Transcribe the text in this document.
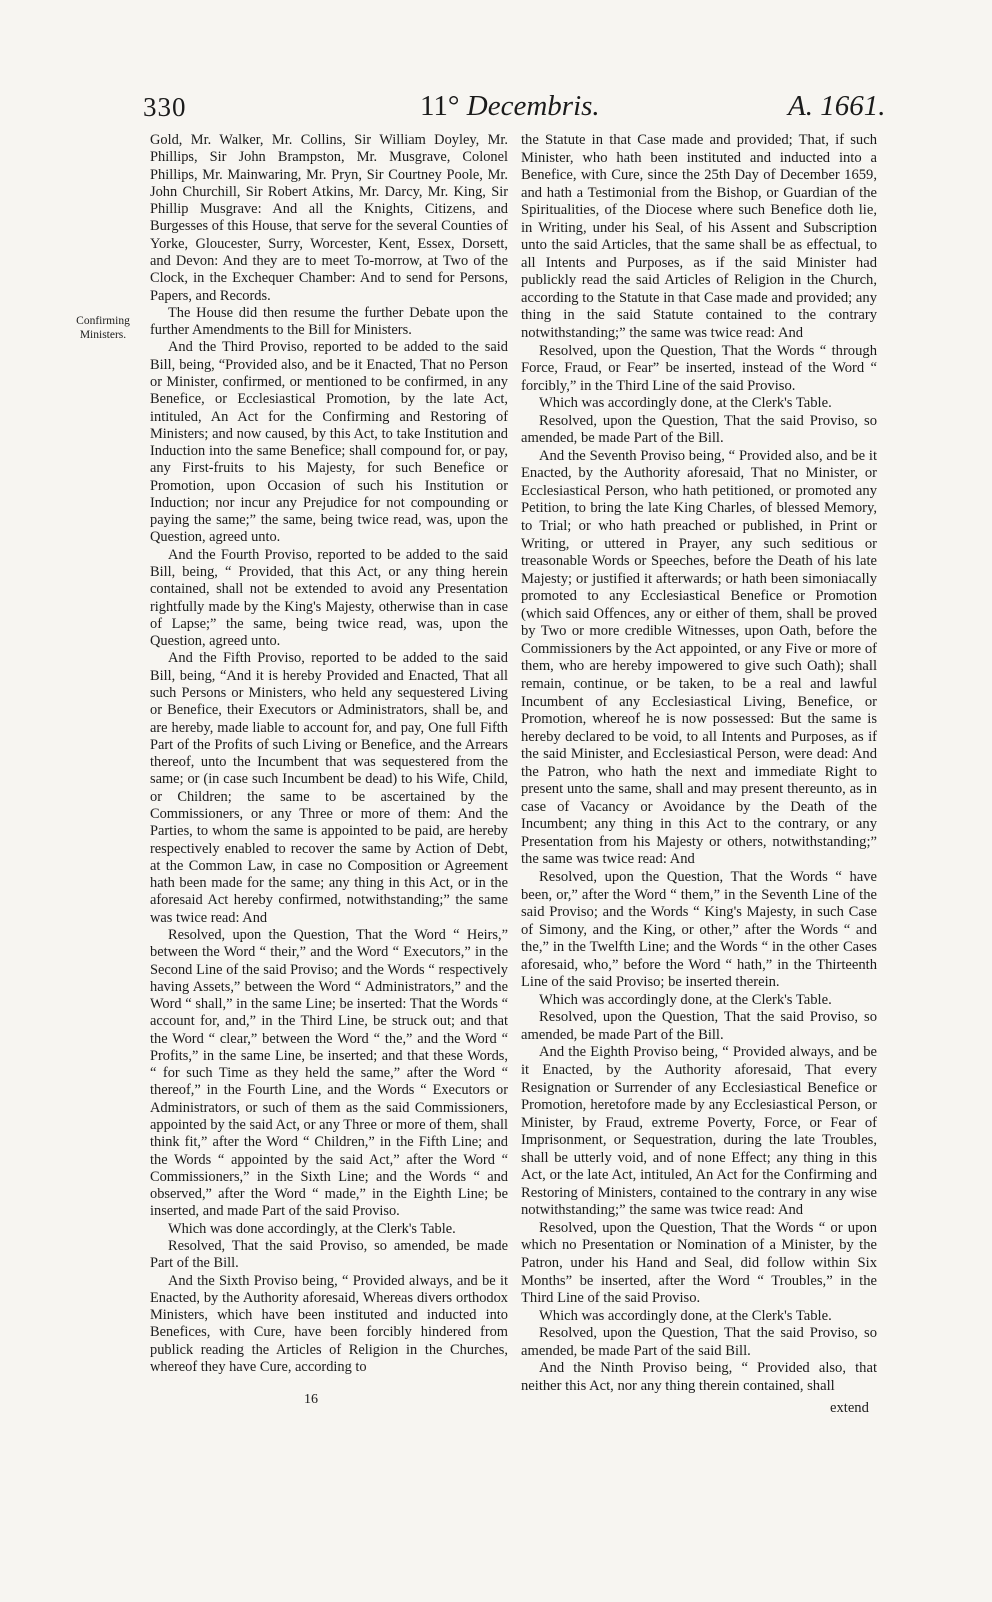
330	11° Decembris.	A. 1661.
Confirming Ministers.

Gold, Mr. Walker, Mr. Collins, Sir William Doyley, Mr. Phillips, Sir John Brampston, Mr. Musgrave, Colonel Phillips, Mr. Mainwaring, Mr. Pryn, Sir Courtney Poole, Mr. John Churchill, Sir Robert Atkins, Mr. Darcy, Mr. King, Sir Phillip Musgrave: And all the Knights, Citizens, and Burgesses of this House, that serve for the several Counties of Yorke, Gloucester, Surry, Worcester, Kent, Essex, Dorsett, and Devon: And they are to meet To-morrow, at Two of the Clock, in the Exchequer Chamber: And to send for Persons, Papers, and Records.

The House did then resume the further Debate upon the further Amendments to the Bill for Ministers.

And the Third Proviso, reported to be added to the said Bill, being, “Provided also, and be it Enacted, That no Person or Minister, confirmed, or mentioned to be confirmed, in any Benefice, or Ecclesiastical Promotion, by the late Act, intituled, An Act for the Confirming and Restoring of Ministers; and now caused, by this Act, to take Institution and Induction into the same Benefice; shall compound for, or pay, any First-fruits to his Majesty, for such Benefice or Promotion, upon Occasion of such his Institution or Induction; nor incur any Prejudice for not compounding or paying the same;” the same, being twice read, was, upon the Question, agreed unto.

And the Fourth Proviso, reported to be added to the said Bill, being, “ Provided, that this Act, or any thing herein contained, shall not be extended to avoid any Presentation rightfully made by the King's Majesty, otherwise than in case of Lapse;” the same, being twice read, was, upon the Question, agreed unto.

And the Fifth Proviso, reported to be added to the said Bill, being, “And it is hereby Provided and Enacted, That all such Persons or Ministers, who held any sequestered Living or Benefice, their Executors or Administrators, shall be, and are hereby, made liable to account for, and pay, One full Fifth Part of the Profits of such Living or Benefice, and the Arrears thereof, unto the Incumbent that was sequestered from the same; or (in case such Incumbent be dead) to his Wife, Child, or Children; the same to be ascertained by the Commissioners, or any Three or more of them: And the Parties, to whom the same is appointed to be paid, are hereby respectively enabled to recover the same by Action of Debt, at the Common Law, in case no Composition or Agreement hath been made for the same; any thing in this Act, or in the aforesaid Act hereby confirmed, notwithstanding;” the same was twice read: And

Resolved, upon the Question, That the Word “ Heirs,” between the Word “ their,” and the Word “ Executors,” in the Second Line of the said Proviso; and the Words “ respectively having Assets,” between the Word “ Administrators,” and the Word “ shall,” in the same Line; be inserted: That the Words “ account for, and,” in the Third Line, be struck out; and that the Word “ clear,” between the Word “ the,” and the Word “ Profits,” in the same Line, be inserted; and that these Words, “ for such Time as they held the same,” after the Word “ thereof,” in the Fourth Line, and the Words “ Executors or Administrators, or such of them as the said Commissioners, appointed by the said Act, or any Three or more of them, shall think fit,” after the Word “ Children,” in the Fifth Line; and the Words “ appointed by the said Act,” after the Word “ Commissioners,” in the Sixth Line; and the Words “ and observed,” after the Word “ made,” in the Eighth Line; be inserted, and made Part of the said Proviso.

Which was done accordingly, at the Clerk's Table.

Resolved, That the said Proviso, so amended, be made Part of the Bill.

And the Sixth Proviso being, “ Provided always, and be it Enacted, by the Authority aforesaid, Whereas divers orthodox Ministers, which have been instituted and inducted into Benefices, with Cure, have been forcibly hindered from publick reading the Articles of Religion in the Churches, whereof they have Cure, according to

the Statute in that Case made and provided; That, if such Minister, who hath been instituted and inducted into a Benefice, with Cure, since the 25th Day of December 1659, and hath a Testimonial from the Bishop, or Guardian of the Spiritualities, of the Diocese where such Benefice doth lie, in Writing, under his Seal, of his Assent and Subscription unto the said Articles, that the same shall be as effectual, to all Intents and Purposes, as if the said Minister had publickly read the said Articles of Religion in the Church, according to the Statute in that Case made and provided; any thing in the said Statute contained to the contrary notwithstanding;” the same was twice read: And

Resolved, upon the Question, That the Words “ through Force, Fraud, or Fear” be inserted, instead of the Word “ forcibly,” in the Third Line of the said Proviso.

Which was accordingly done, at the Clerk's Table.

Resolved, upon the Question, That the said Proviso, so amended, be made Part of the Bill.

And the Seventh Proviso being, “ Provided also, and be it Enacted, by the Authority aforesaid, That no Minister, or Ecclesiastical Person, who hath petitioned, or promoted any Petition, to bring the late King Charles, of blessed Memory, to Trial; or who hath preached or published, in Print or Writing, or uttered in Prayer, any such seditious or treasonable Words or Speeches, before the Death of his late Majesty; or justified it afterwards; or hath been simoniacally promoted to any Ecclesiastical Benefice or Promotion (which said Offences, any or either of them, shall be proved by Two or more credible Witnesses, upon Oath, before the Commissioners by the Act appointed, or any Five or more of them, who are hereby impowered to give such Oath); shall remain, continue, or be taken, to be a real and lawful Incumbent of any Ecclesiastical Living, Benefice, or Promotion, whereof he is now possessed: But the same is hereby declared to be void, to all Intents and Purposes, as if the said Minister, and Ecclesiastical Person, were dead: And the Patron, who hath the next and immediate Right to present unto the same, shall and may present thereunto, as in case of Vacancy or Avoidance by the Death of the Incumbent; any thing in this Act to the contrary, or any Presentation from his Majesty or others, notwithstanding;” the same was twice read: And

Resolved, upon the Question, That the Words “ have been, or,” after the Word “ them,” in the Seventh Line of the said Proviso; and the Words “ King's Majesty, in such Case of Simony, and the King, or other,” after the Words “ and the,” in the Twelfth Line; and the Words “ in the other Cases aforesaid, who,” before the Word “ hath,” in the Thirteenth Line of the said Proviso; be inserted therein.

Which was accordingly done, at the Clerk's Table.

Resolved, upon the Question, That the said Proviso, so amended, be made Part of the Bill.

And the Eighth Proviso being, “ Provided always, and be it Enacted, by the Authority aforesaid, That every Resignation or Surrender of any Ecclesiastical Benefice or Promotion, heretofore made by any Ecclesiastical Person, or Minister, by Fraud, extreme Poverty, Force, or Fear of Imprisonment, or Sequestration, during the late Troubles, shall be utterly void, and of none Effect; any thing in this Act, or the late Act, intituled, An Act for the Confirming and Restoring of Ministers, contained to the contrary in any wise notwithstanding;” the same was twice read: And

Resolved, upon the Question, That the Words “ or upon which no Presentation or Nomination of a Minister, by the Patron, under his Hand and Seal, did follow within Six Months” be inserted, after the Word “ Troubles,” in the Third Line of the said Proviso.

Which was accordingly done, at the Clerk's Table.

Resolved, upon the Question, That the said Proviso, so amended, be made Part of the said Bill.

And the Ninth Proviso being, “ Provided also, that neither this Act, nor any thing therein contained, shall

16
extend
